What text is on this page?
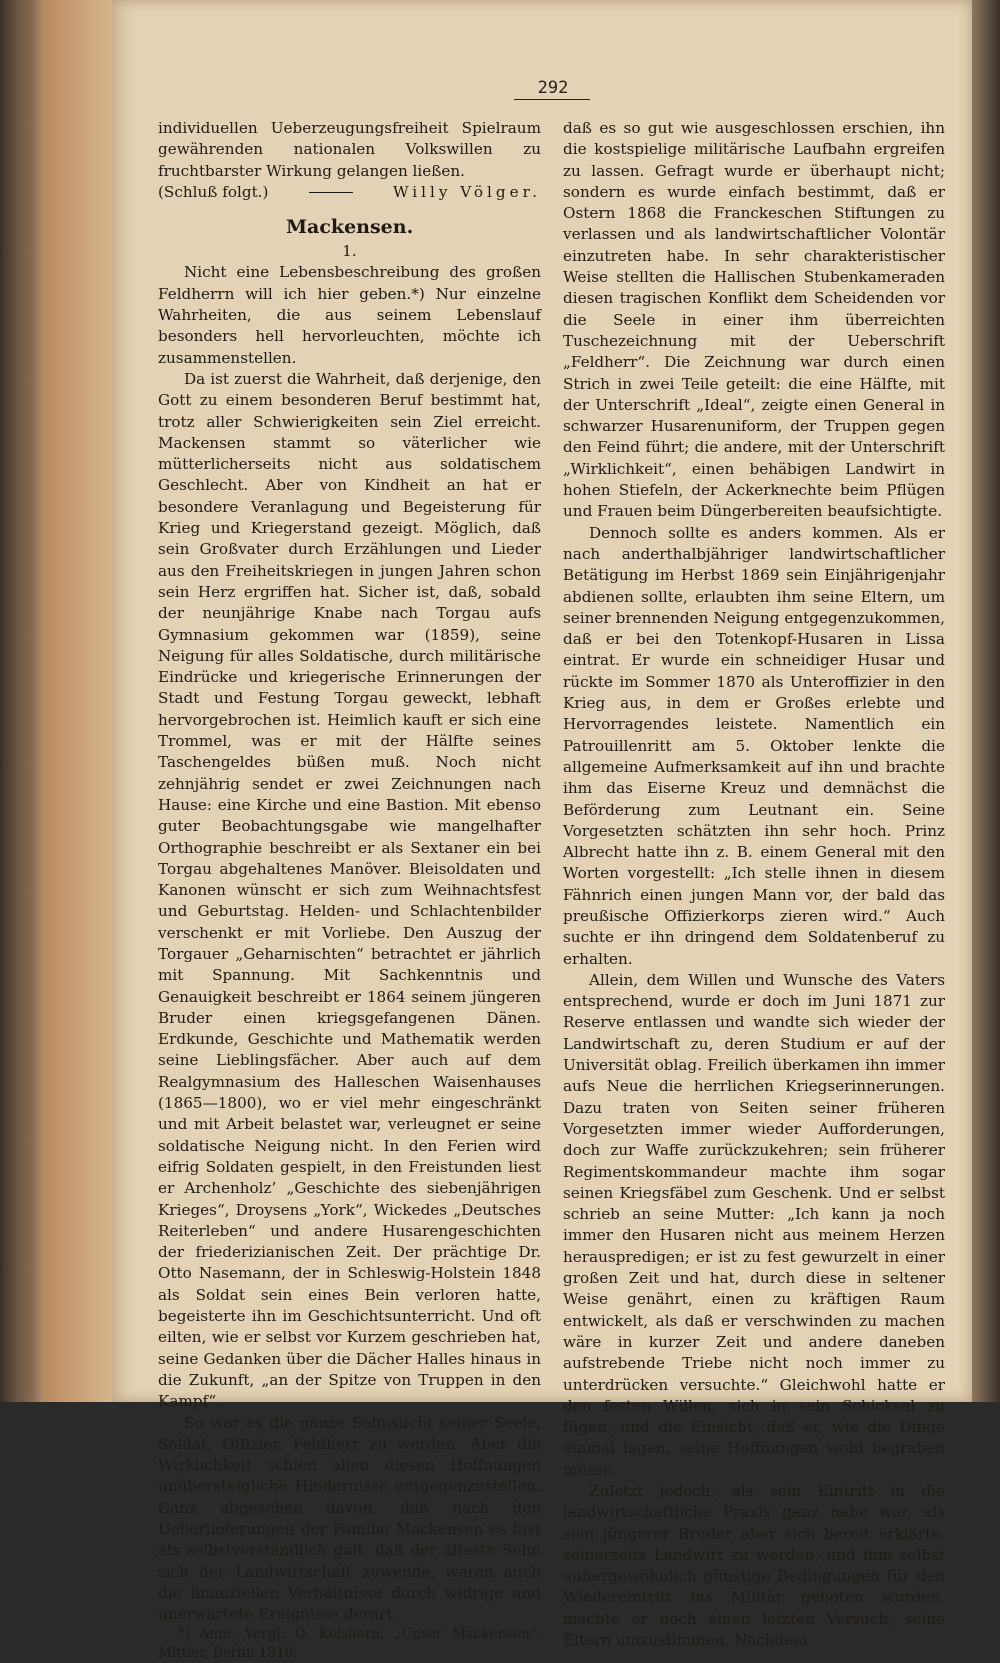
292

individuellen Ueberzeugungsfreiheit Spielraum gewährenden nationalen Volkswillen zu fruchtbarster Wirkung gelangen ließen.

(Schluß folgt.)	Willy Völger.
Mackensen.

1.

Nicht eine Lebensbeschreibung des großen Feldherrn will ich hier geben.*) Nur einzelne Wahrheiten, die aus seinem Lebenslauf besonders hell hervorleuchten, möchte ich zusammenstellen.

Da ist zuerst die Wahrheit, daß derjenige, den Gott zu einem besonderen Beruf bestimmt hat, trotz aller Schwierigkeiten sein Ziel erreicht. Mackensen stammt so väterlicher wie mütterlicherseits nicht aus soldatischem Geschlecht. Aber von Kindheit an hat er besondere Veranlagung und Begeisterung für Krieg und Kriegerstand gezeigt. Möglich, daß sein Großvater durch Erzählungen und Lieder aus den Freiheitskriegen in jungen Jahren schon sein Herz ergriffen hat. Sicher ist, daß, sobald der neunjährige Knabe nach Torgau aufs Gymnasium gekommen war (1859), seine Neigung für alles Soldatische, durch militärische Eindrücke und kriegerische Erinnerungen der Stadt und Festung Torgau geweckt, lebhaft hervorgebrochen ist. Heimlich kauft er sich eine Trommel, was er mit der Hälfte seines Taschengeldes büßen muß. Noch nicht zehnjährig sendet er zwei Zeichnungen nach Hause: eine Kirche und eine Bastion. Mit ebenso guter Beobachtungsgabe wie mangelhafter Orthographie beschreibt er als Sextaner ein bei Torgau abgehaltenes Manöver. Bleisoldaten und Kanonen wünscht er sich zum Weihnachtsfest und Geburtstag. Helden- und Schlachtenbilder verschenkt er mit Vorliebe. Den Auszug der Torgauer „Geharnischten“ betrachtet er jährlich mit Spannung. Mit Sachkenntnis und Genauigkeit beschreibt er 1864 seinem jüngeren Bruder einen kriegsgefangenen Dänen. Erdkunde, Geschichte und Mathematik werden seine Lieblingsfächer. Aber auch auf dem Realgymnasium des Halleschen Waisenhauses (1865—1800), wo er viel mehr eingeschränkt und mit Arbeit belastet war, verleugnet er seine soldatische Neigung nicht. In den Ferien wird eifrig Soldaten gespielt, in den Freistunden liest er Archenholz’ „Geschichte des siebenjährigen Krieges“, Droysens „York“, Wickedes „Deutsches Reiterleben“ und andere Husarengeschichten der friederizianischen Zeit. Der prächtige Dr. Otto Nasemann, der in Schleswig-Holstein 1848 als Soldat sein eines Bein verloren hatte, begeisterte ihn im Geschichtsunterricht. Und oft eilten, wie er selbst vor Kurzem geschrieben hat, seine Gedanken über die Dächer Halles hinaus in die Zukunft, „an der Spitze von Truppen in den Kampf“.

So war es die ganze Sehnsucht seiner Seele, Soldat, Offizier, Feldherr zu werden. Aber die Wirklichkeit schien allen diesen Hoffnungen unübersteigliche Hindernisse entgegenzustellen. Ganz abgesehen davon, daß nach den Ueberlieferungen der Familie Mackensen es fast als selbstverständlich galt, daß der älteste Sohn sich der Landwirtschaft zuwende, waren auch die finanziellen Verhältnisse durch widrige und unerwartete Ereignisse derart,

*) Anm. Vergl. O. Kolshorn, „Unser Mackensen“. Mittler, Berlin 1916.

daß es so gut wie ausgeschlossen erschien, ihn die kostspielige militärische Laufbahn ergreifen zu lassen. Gefragt wurde er überhaupt nicht; sondern es wurde einfach bestimmt, daß er Ostern 1868 die Franckeschen Stiftungen zu verlassen und als landwirtschaftlicher Volontär einzutreten habe. In sehr charakteristischer Weise stellten die Hallischen Stubenkameraden diesen tragischen Konflikt dem Scheidenden vor die Seele in einer ihm überreichten Tuschezeichnung mit der Ueberschrift „Feldherr“. Die Zeichnung war durch einen Strich in zwei Teile geteilt: die eine Hälfte, mit der Unterschrift „Ideal“, zeigte einen General in schwarzer Husarenuniform, der Truppen gegen den Feind führt; die andere, mit der Unterschrift „Wirklichkeit“, einen behäbigen Landwirt in hohen Stiefeln, der Ackerknechte beim Pflügen und Frauen beim Düngerbereiten beaufsichtigte.

Dennoch sollte es anders kommen. Als er nach anderthalbjähriger landwirtschaftlicher Betätigung im Herbst 1869 sein Einjährigenjahr abdienen sollte, erlaubten ihm seine Eltern, um seiner brennenden Neigung entgegenzukommen, daß er bei den Totenkopf-Husaren in Lissa eintrat. Er wurde ein schneidiger Husar und rückte im Sommer 1870 als Unteroffizier in den Krieg aus, in dem er Großes erlebte und Hervorragendes leistete. Namentlich ein Patrouillenritt am 5. Oktober lenkte die allgemeine Aufmerksamkeit auf ihn und brachte ihm das Eiserne Kreuz und demnächst die Beförderung zum Leutnant ein. Seine Vorgesetzten schätzten ihn sehr hoch. Prinz Albrecht hatte ihn z. B. einem General mit den Worten vorgestellt: „Ich stelle ihnen in diesem Fähnrich einen jungen Mann vor, der bald das preußische Offizierkorps zieren wird.“ Auch suchte er ihn dringend dem Soldatenberuf zu erhalten.

Allein, dem Willen und Wunsche des Vaters entsprechend, wurde er doch im Juni 1871 zur Reserve entlassen und wandte sich wieder der Landwirtschaft zu, deren Studium er auf der Universität oblag. Freilich überkamen ihn immer aufs Neue die herrlichen Kriegserinnerungen. Dazu traten von Seiten seiner früheren Vorgesetzten immer wieder Aufforderungen, doch zur Waffe zurückzukehren; sein früherer Regimentskommandeur machte ihm sogar seinen Kriegsfäbel zum Geschenk. Und er selbst schrieb an seine Mutter: „Ich kann ja noch immer den Husaren nicht aus meinem Herzen herauspredigen; er ist zu fest gewurzelt in einer großen Zeit und hat, durch diese in seltener Weise genährt, einen zu kräftigen Raum entwickelt, als daß er verschwinden zu machen wäre in kurzer Zeit und andere daneben aufstrebende Triebe nicht noch immer zu unterdrücken versuchte.“ Gleichwohl hatte er den festen Willen, sich in sein Schicksal zu fügen, und die Einsicht, daß er, wie die Dinge einmal lagen, seine Hoffnungen wohl begraben müsse.

Zuletzt jedoch, als sein Eintritt in die landwirtschaftliche Praxis ganz nahe war, als sein jüngerer Bruder aber sich bereit erklärte, seinerseits Landwirt zu werden, und ihm selbst außergewöhnlich günstige Bedingungen für den Wiedereintritt ins Militär geboten wurden, machte er noch einen letzten Versuch, seine Eltern umzustimmen. Nachdem
